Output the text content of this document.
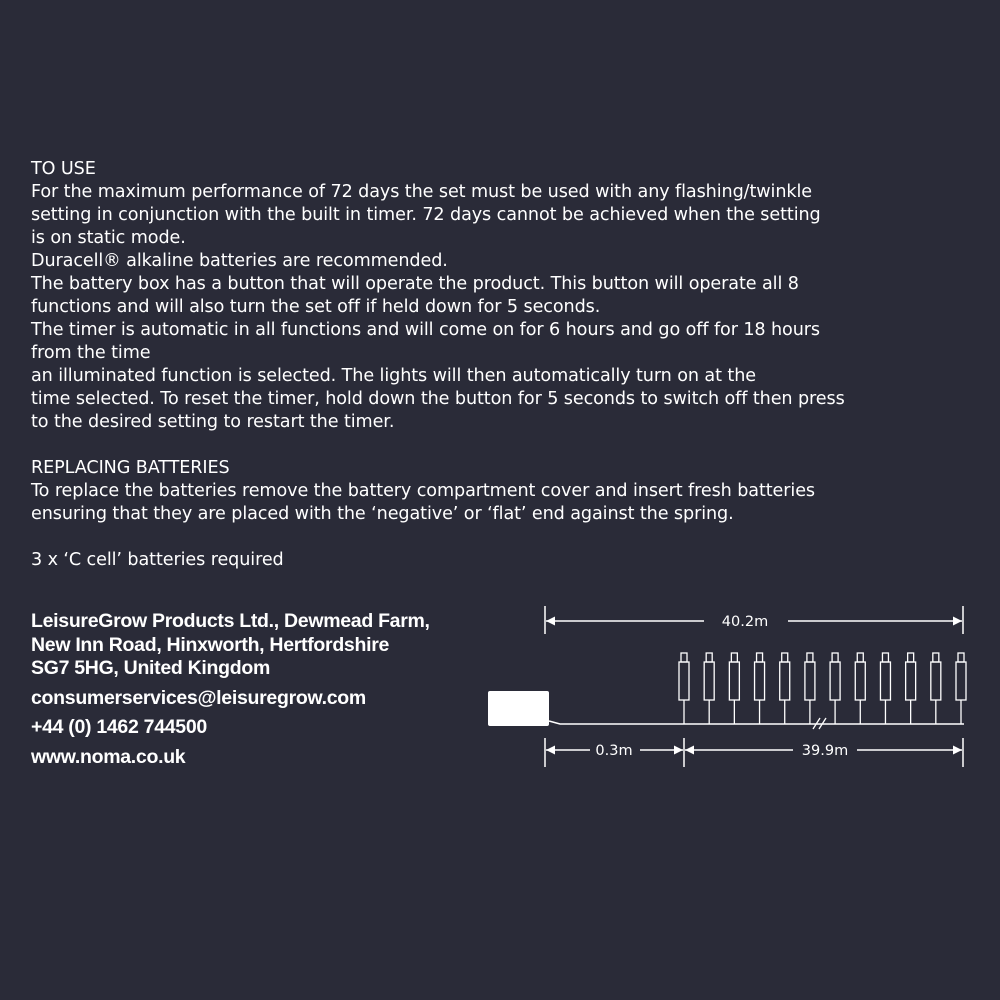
TO USE
For the maximum performance of 72 days the set must be used with any flashing/twinkle
setting in conjunction with the built in timer. 72 days cannot be achieved when the setting
is on static mode.
Duracell® alkaline batteries are recommended.
The battery box has a button that will operate the product. This button will operate all 8
functions and will also turn the set off if held down for 5 seconds.
The timer is automatic in all functions and will come on for 6 hours and go off for 18 hours
from the time
an illuminated function is selected. The lights will then automatically turn on at the
time selected. To reset the timer, hold down the button for 5 seconds to switch off then press
to the desired setting to restart the timer.
REPLACING BATTERIES
To replace the batteries remove the battery compartment cover and insert fresh batteries
ensuring that they are placed with the ‘negative’ or ‘flat’ end against the spring.
3 x ‘C cell’ batteries required
LeisureGrow Products Ltd., Dewmead Farm,
New Inn Road, Hinxworth, Hertfordshire
SG7 5HG, United Kingdom
consumerservices@leisuregrow.com
+44 (0) 1462 744500
www.noma.co.uk
40.2m
0.3m	39.9m
